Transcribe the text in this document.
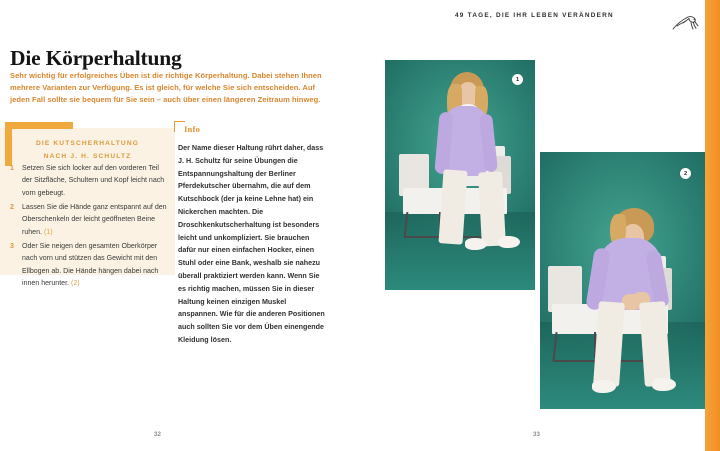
49 TAGE, DIE IHR LEBEN VERÄNDERN
Die Körperhaltung

Sehr wichtig für erfolgreiches Üben ist die richtige Körperhaltung. Dabei stehen Ihnen mehrere Varianten zur Verfügung. Es ist gleich, für welche Sie sich entscheiden. Auf jeden Fall sollte sie bequem für Sie sein – auch über einen längeren Zeitraum hinweg.

DIE KUTSCHERHALTUNG
NACH J. H. SCHULTZ
1 Setzen Sie sich locker auf den vorderen Teil der Sitzfläche, Schultern und Kopf leicht nach vorn gebeugt.
2 Lassen Sie die Hände ganz entspannt auf den Oberschenkeln der leicht geöffneten Beine ruhen. (1)
3 Oder Sie neigen den gesamten Oberkörper nach vorn und stützen das Gewicht mit den Ellbogen ab. Die Hände hängen dabei nach innen herunter. (2)
Info
Der Name dieser Haltung rührt daher, dass J. H. Schultz für seine Übungen die Entspannungshaltung der Berliner Pferdekutscher übernahm, die auf dem Kutschbock (der ja keine Lehne hat) ein Nickerchen machten. Die Droschkenkutscherhaltung ist besonders leicht und unkompliziert. Sie brauchen dafür nur einen einfachen Hocker, einen Stuhl oder eine Bank, weshalb sie nahezu überall praktiziert werden kann. Wenn Sie es richtig machen, müssen Sie in dieser Haltung keinen einzigen Muskel anspannen. Wie für die anderen Positionen auch sollten Sie vor dem Üben einengende Kleidung lösen.
32
1
2
33
